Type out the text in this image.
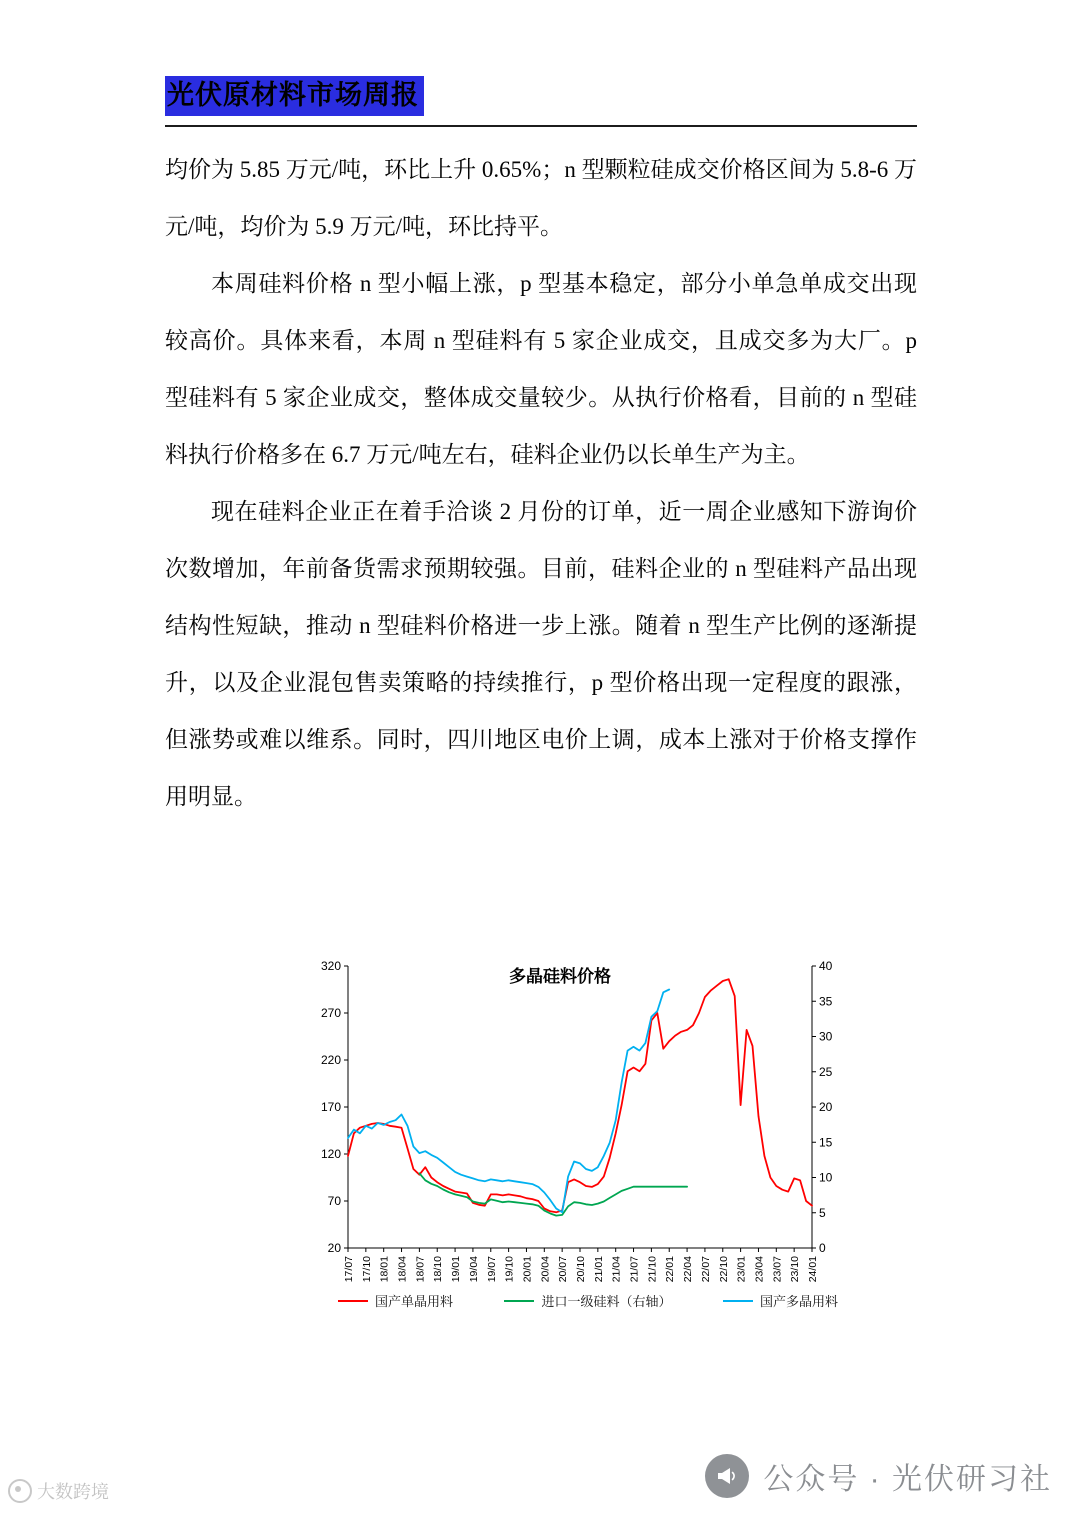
光伏原材料市场周报

均价为 5.85 万元/吨，环比上升 0.65%；n 型颗粒硅成交价格区间为 5.8-6 万元/吨，均价为 5.9 万元/吨，环比持平。

本周硅料价格 n 型小幅上涨，p 型基本稳定，部分小单急单成交出现较高价。具体来看，本周 n 型硅料有 5 家企业成交，且成交多为大厂。p 型硅料有 5 家企业成交，整体成交量较少。从执行价格看，目前的 n 型硅料执行价格多在 6.7 万元/吨左右，硅料企业仍以长单生产为主。

现在硅料企业正在着手洽谈 2 月份的订单，近一周企业感知下游询价次数增加，年前备货需求预期较强。目前，硅料企业的 n 型硅料产品出现结构性短缺，推动 n 型硅料价格进一步上涨。随着 n 型生产比例的逐渐提升，以及企业混包售卖策略的持续推行，p 型价格出现一定程度的跟涨，但涨势或难以维系。同时，四川地区电价上调，成本上涨对于价格支撑作用明显。

20
70
120
170
220
270
320
0
5
10
15
20
25
30
35
40
17/07 17/10 18/01 18/04 18/07 18/10 19/01 19/04 19/07 19/10 20/01 20/04 20/07 20/10 21/01 21/04 21/07 21/10 22/01 22/04 22/07 22/10 23/01 23/04 23/07 23/10 24/01
多晶硅料价格
国产单晶用料	进口一级硅料（右轴）	国产多晶用料
大数跨境	公众号 · 光伏研习社
